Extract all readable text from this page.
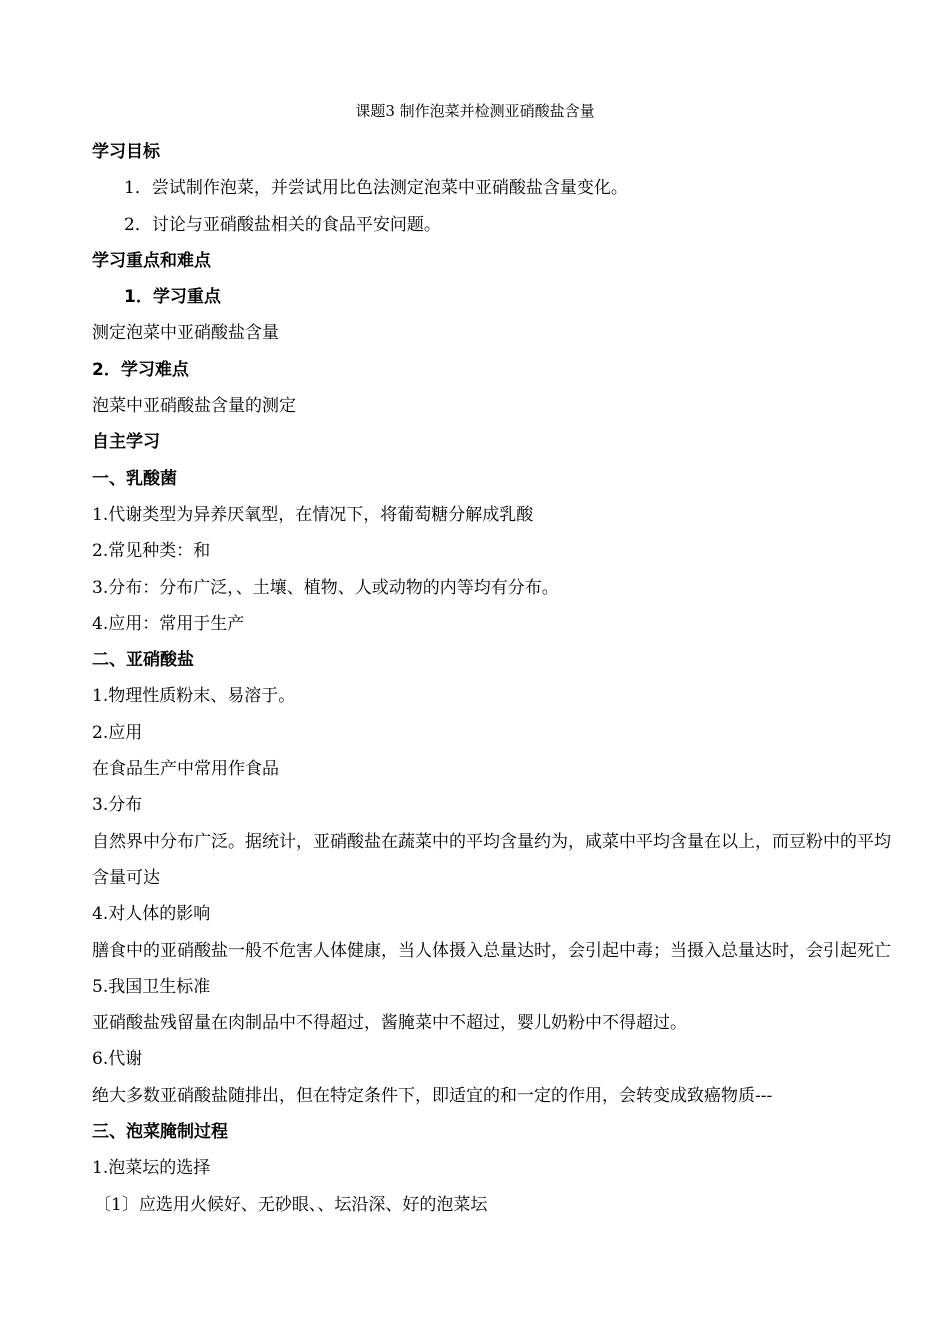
课题3 制作泡菜并检测亚硝酸盐含量
学习目标
1．尝试制作泡菜，并尝试用比色法测定泡菜中亚硝酸盐含量变化。
2．讨论与亚硝酸盐相关的食品平安问题。
学习重点和难点
1．学习重点
测定泡菜中亚硝酸盐含量
2．学习难点
泡菜中亚硝酸盐含量的测定
自主学习
一、乳酸菌
1.代谢类型为异养厌氧型，在情况下，将葡萄糖分解成乳酸
2.常见种类：和
3.分布：分布广泛，、土壤、植物、人或动物的内等均有分布。
4.应用：常用于生产
二、亚硝酸盐
1.物理性质粉末、易溶于。
2.应用
在食品生产中常用作食品
3.分布
自然界中分布广泛。据统计，亚硝酸盐在蔬菜中的平均含量约为，咸菜中平均含量在以上，而豆粉中的平均含量可达
4.对人体的影响
膳食中的亚硝酸盐一般不危害人体健康，当人体摄入总量达时，会引起中毒；当摄入总量达时，会引起死亡
5.我国卫生标准
亚硝酸盐残留量在肉制品中不得超过，酱腌菜中不超过，婴儿奶粉中不得超过。
6.代谢
绝大多数亚硝酸盐随排出，但在特定条件下，即适宜的和一定的作用，会转变成致癌物质---
三、泡菜腌制过程
1.泡菜坛的选择
〔1〕应选用火候好、无砂眼、、坛沿深、好的泡菜坛
